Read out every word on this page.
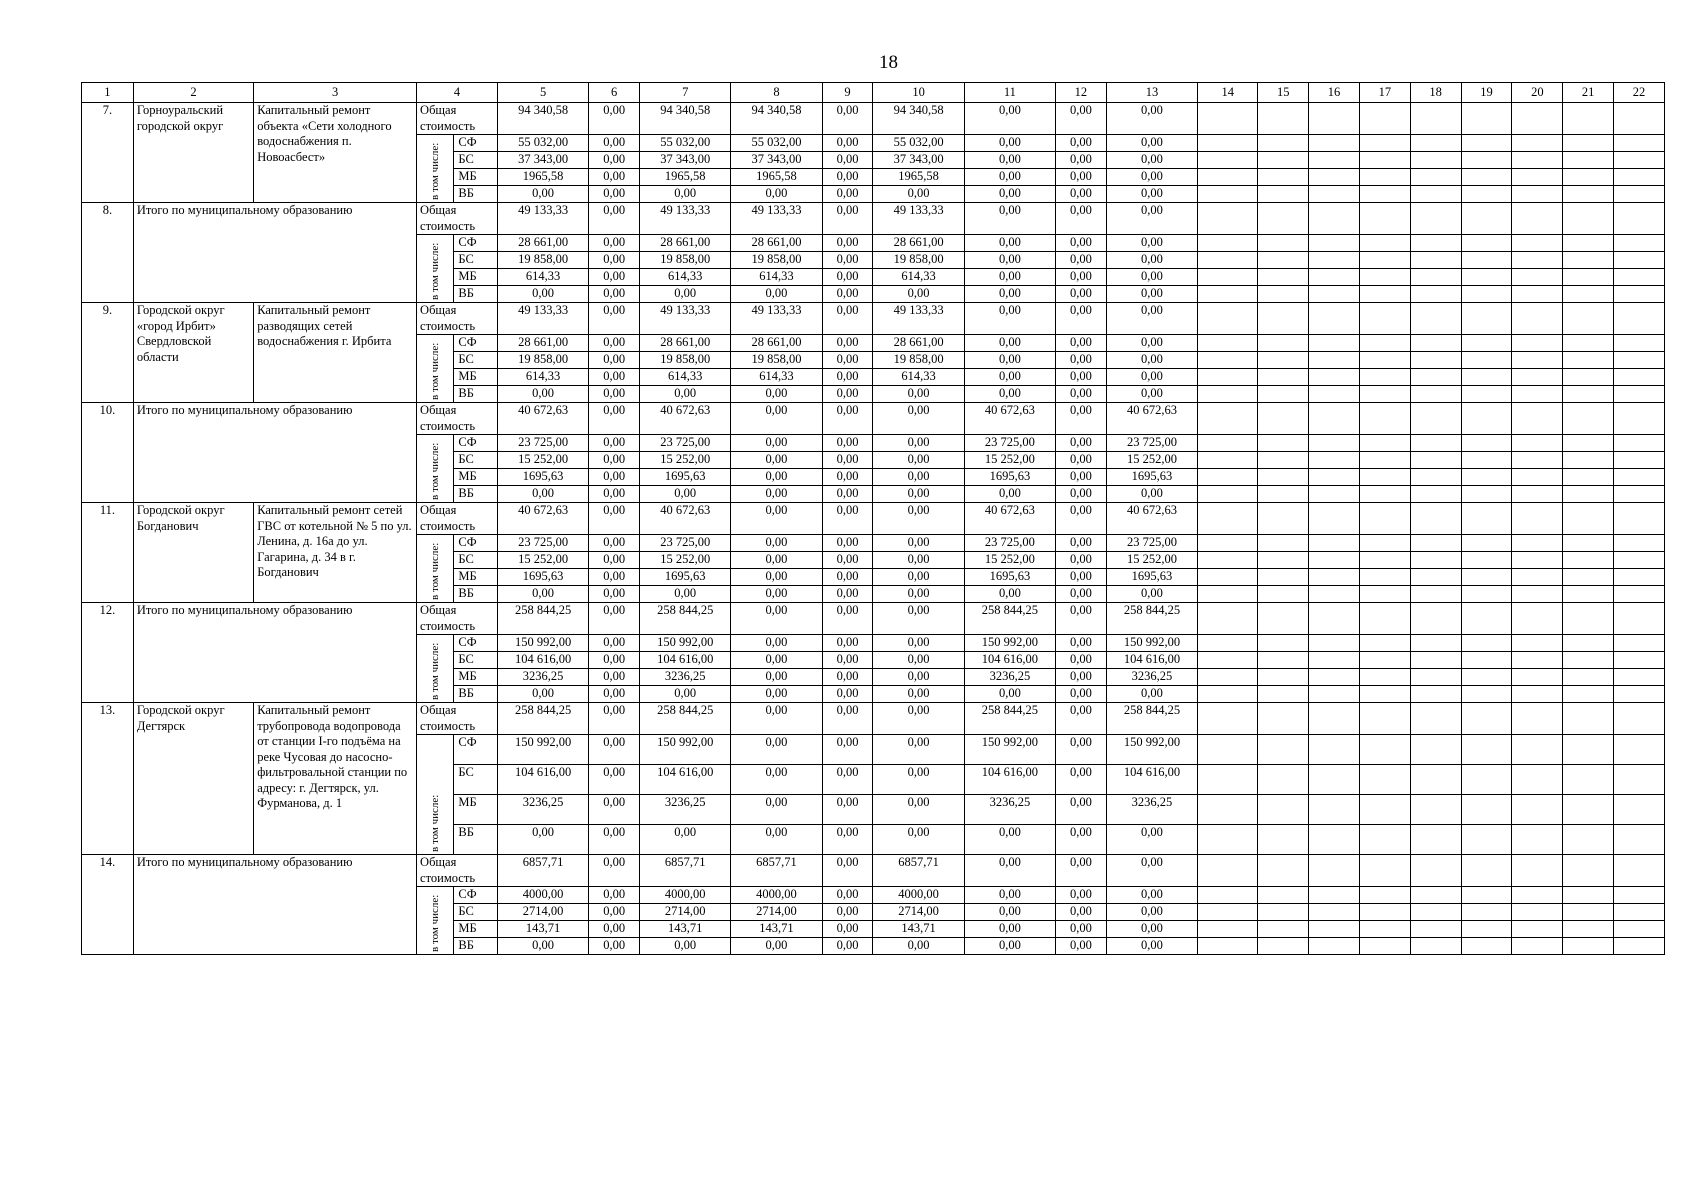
18
1	2	3	4		5	6	7	8	9	10	11	12	13	14	15	16	17	18	19	20	21	22
7.	Горноуральский городской округ	Капитальный ремонт объекта «Сети холодного водоснабжения п. Новоасбест»	Общая стоимость		94 340,58	0,00	94 340,58	94 340,58	0,00	94 340,58	0,00	0,00	0,00									

			в том числе:	СФ	55 032,00	0,00	55 032,00	55 032,00	0,00	55 032,00	0,00	0,00	0,00									
				БС	37 343,00	0,00	37 343,00	37 343,00	0,00	37 343,00	0,00	0,00	0,00									
				МБ	1965,58	0,00	1965,58	1965,58	0,00	1965,58	0,00	0,00	0,00									
				ВБ	0,00	0,00	0,00	0,00	0,00	0,00	0,00	0,00	0,00									
8.	Итого по муниципальному образованию		Общая стоимость		49 133,33	0,00	49 133,33	49 133,33	0,00	49 133,33	0,00	0,00	0,00									

			в том числе:	СФ	28 661,00	0,00	28 661,00	28 661,00	0,00	28 661,00	0,00	0,00	0,00									
				БС	19 858,00	0,00	19 858,00	19 858,00	0,00	19 858,00	0,00	0,00	0,00									
				МБ	614,33	0,00	614,33	614,33	0,00	614,33	0,00	0,00	0,00									
				ВБ	0,00	0,00	0,00	0,00	0,00	0,00	0,00	0,00	0,00									
9.	Городской округ «город Ирбит» Свердловской области	Капитальный ремонт разводящих сетей водоснабжения г. Ирбита	Общая стоимость		49 133,33	0,00	49 133,33	49 133,33	0,00	49 133,33	0,00	0,00	0,00									

			в том числе:	СФ	28 661,00	0,00	28 661,00	28 661,00	0,00	28 661,00	0,00	0,00	0,00									
				БС	19 858,00	0,00	19 858,00	19 858,00	0,00	19 858,00	0,00	0,00	0,00									
				МБ	614,33	0,00	614,33	614,33	0,00	614,33	0,00	0,00	0,00									
				ВБ	0,00	0,00	0,00	0,00	0,00	0,00	0,00	0,00	0,00									
10.	Итого по муниципальному образованию		Общая стоимость		40 672,63	0,00	40 672,63	0,00	0,00	0,00	40 672,63	0,00	40 672,63									

			в том числе:	СФ	23 725,00	0,00	23 725,00	0,00	0,00	0,00	23 725,00	0,00	23 725,00									
				БС	15 252,00	0,00	15 252,00	0,00	0,00	0,00	15 252,00	0,00	15 252,00									
				МБ	1695,63	0,00	1695,63	0,00	0,00	0,00	1695,63	0,00	1695,63									
				ВБ	0,00	0,00	0,00	0,00	0,00	0,00	0,00	0,00	0,00									
11.	Городской округ Богданович	Капитальный ремонт сетей ГВС от котельной № 5 по ул. Ленина, д. 16а до ул. Гагарина, д. 34 в г. Богданович	Общая стоимость		40 672,63	0,00	40 672,63	0,00	0,00	0,00	40 672,63	0,00	40 672,63									

			в том числе:	СФ	23 725,00	0,00	23 725,00	0,00	0,00	0,00	23 725,00	0,00	23 725,00									
				БС	15 252,00	0,00	15 252,00	0,00	0,00	0,00	15 252,00	0,00	15 252,00									
				МБ	1695,63	0,00	1695,63	0,00	0,00	0,00	1695,63	0,00	1695,63									
				ВБ	0,00	0,00	0,00	0,00	0,00	0,00	0,00	0,00	0,00									
12.	Итого по муниципальному образованию		Общая стоимость		258 844,25	0,00	258 844,25	0,00	0,00	0,00	258 844,25	0,00	258 844,25									

			в том числе:	СФ	150 992,00	0,00	150 992,00	0,00	0,00	0,00	150 992,00	0,00	150 992,00									
				БС	104 616,00	0,00	104 616,00	0,00	0,00	0,00	104 616,00	0,00	104 616,00									
				МБ	3236,25	0,00	3236,25	0,00	0,00	0,00	3236,25	0,00	3236,25									
				ВБ	0,00	0,00	0,00	0,00	0,00	0,00	0,00	0,00	0,00									
13.	Городской округ Дегтярск	Капитальный ремонт трубопровода водопровода от станции I-го подъёма на реке Чусовая до насосно-фильтровальной станции по адресу: г. Дегтярск, ул. Фурманова, д. 1	Общая стоимость		258 844,25	0,00	258 844,25	0,00	0,00	0,00	258 844,25	0,00	258 844,25									

			в том числе:	СФ	150 992,00	0,00	150 992,00	0,00	0,00	0,00	150 992,00	0,00	150 992,00									
				БС	104 616,00	0,00	104 616,00	0,00	0,00	0,00	104 616,00	0,00	104 616,00									
				МБ	3236,25	0,00	3236,25	0,00	0,00	0,00	3236,25	0,00	3236,25									
				ВБ	0,00	0,00	0,00	0,00	0,00	0,00	0,00	0,00	0,00									
14.	Итого по муниципальному образованию		Общая стоимость		6857,71	0,00	6857,71	6857,71	0,00	6857,71	0,00	0,00	0,00									

			в том числе:	СФ	4000,00	0,00	4000,00	4000,00	0,00	4000,00	0,00	0,00	0,00									
				БС	2714,00	0,00	2714,00	2714,00	0,00	2714,00	0,00	0,00	0,00									
				МБ	143,71	0,00	143,71	143,71	0,00	143,71	0,00	0,00	0,00									
				ВБ	0,00	0,00	0,00	0,00	0,00	0,00	0,00	0,00	0,00									
